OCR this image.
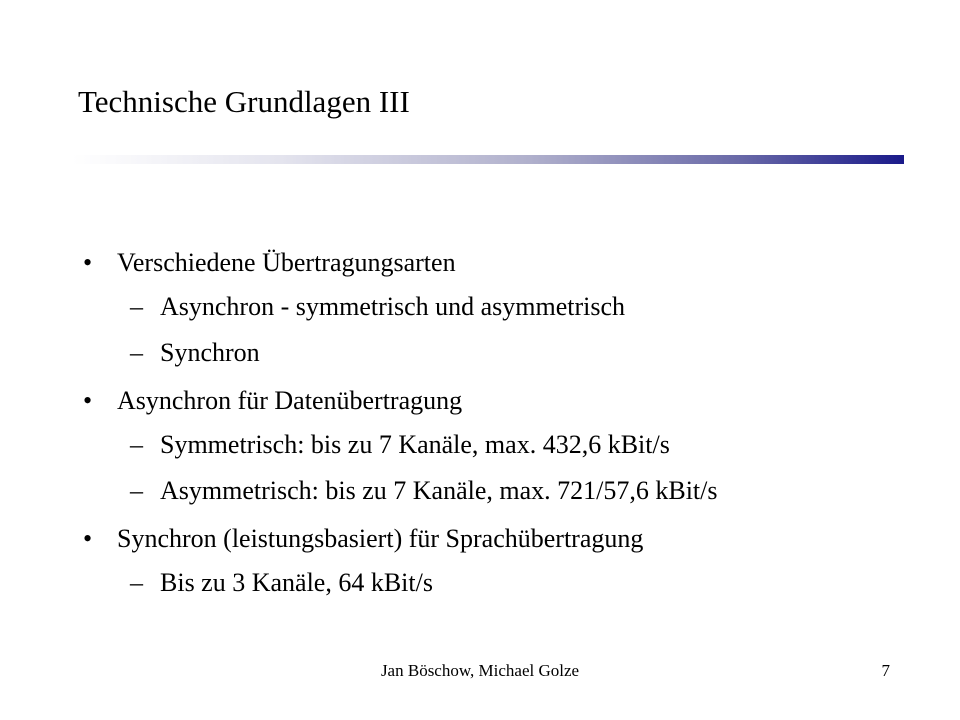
Technische Grundlagen III
• Verschiedene Übertragungsarten
– Asynchron - symmetrisch und asymmetrisch
– Synchron
• Asynchron für Datenübertragung
– Symmetrisch: bis zu 7 Kanäle, max. 432,6 kBit/s
– Asymmetrisch: bis zu 7 Kanäle, max. 721/57,6 kBit/s
• Synchron (leistungsbasiert) für Sprachübertragung
– Bis zu 3 Kanäle, 64 kBit/s
Jan Böschow, Michael Golze	7
